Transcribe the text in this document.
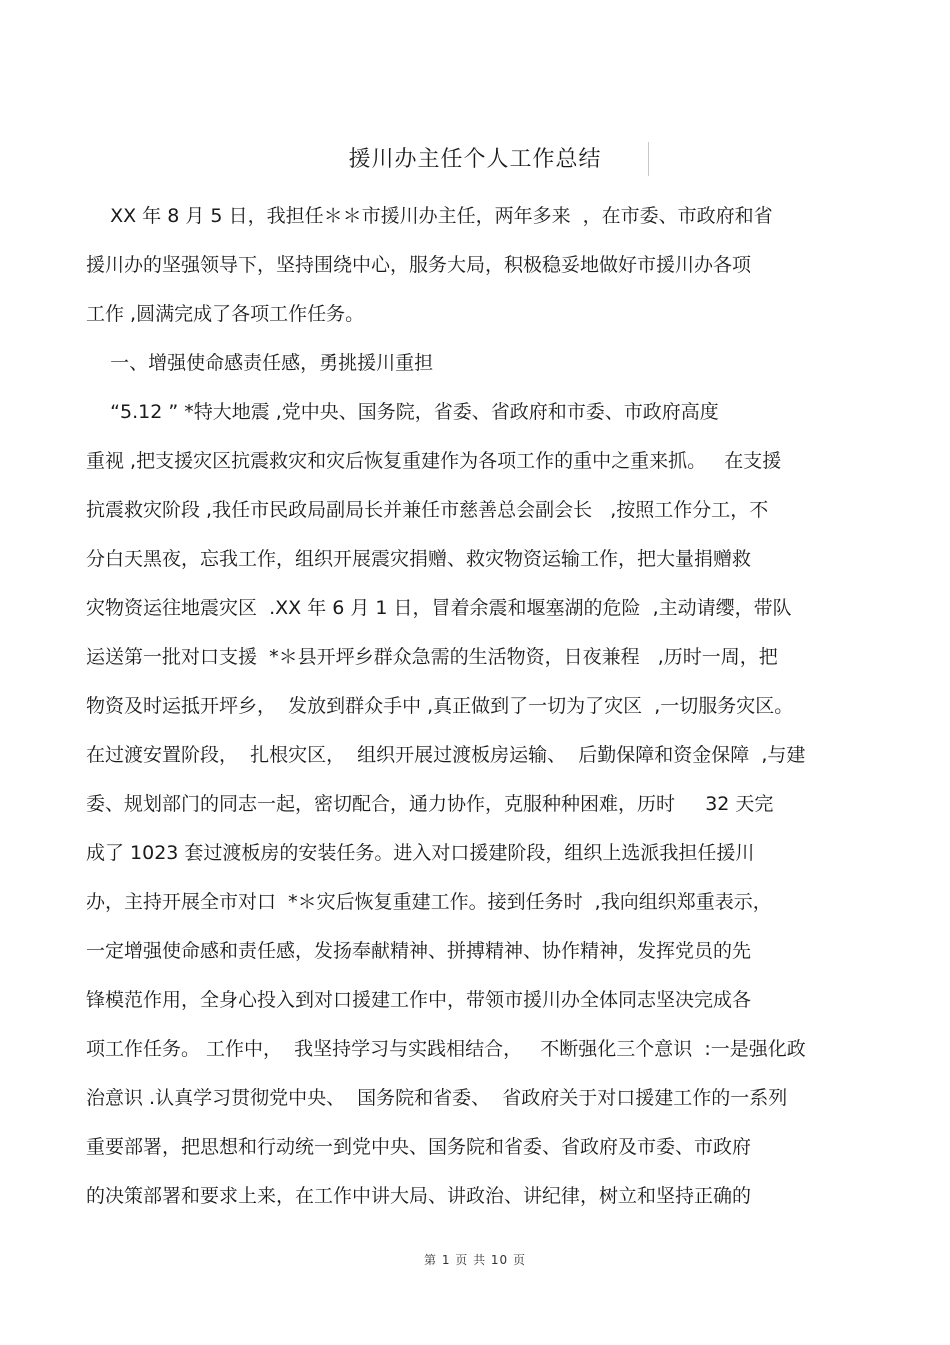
援川办主任个人工作总结
XX 年 8 月 5 日，我担任＊＊市援川办主任，两年多来  ，在市委、市政府和省
援川办的坚强领导下，坚持围绕中心，服务大局，积极稳妥地做好市援川办各项
工作 ,圆满完成了各项工作任务。
一、增强使命感责任感，勇挑援川重担
“5.12 ” *特大地震 ,党中央、国务院，省委、省政府和市委、市政府高度
重视 ,把支援灾区抗震救灾和灾后恢复重建作为各项工作的重中之重来抓。   在支援
抗震救灾阶段 ,我任市民政局副局长并兼任市慈善总会副会长   ,按照工作分工，不
分白天黑夜，忘我工作，组织开展震灾捐赠、救灾物资运输工作，把大量捐赠救
灾物资运往地震灾区  .XX 年 6 月 1 日，冒着余震和堰塞湖的危险  ,主动请缨，带队
运送第一批对口支援  *＊县开坪乡群众急需的生活物资，日夜兼程   ,历时一周，把
物资及时运抵开坪乡，  发放到群众手中 ,真正做到了一切为了灾区  ,一切服务灾区。
在过渡安置阶段，  扎根灾区，  组织开展过渡板房运输、  后勤保障和资金保障  ,与建
委、规划部门的同志一起，密切配合，通力协作，克服种种困难，历时     32 天完
成了 1023 套过渡板房的安装任务。进入对口援建阶段，组织上选派我担任援川
办，主持开展全市对口  *＊灾后恢复重建工作。接到任务时  ,我向组织郑重表示，
一定增强使命感和责任感，发扬奉献精神、拼搏精神、协作精神，发挥党员的先
锋模范作用，全身心投入到对口援建工作中，带领市援川办全体同志坚决完成各
项工作任务。 工作中，  我坚持学习与实践相结合，   不断强化三个意识  :一是强化政
治意识 .认真学习贯彻党中央、  国务院和省委、  省政府关于对口援建工作的一系列
重要部署，把思想和行动统一到党中央、国务院和省委、省政府及市委、市政府
的决策部署和要求上来，在工作中讲大局、讲政治、讲纪律，树立和坚持正确的
第 1 页 共 10 页
